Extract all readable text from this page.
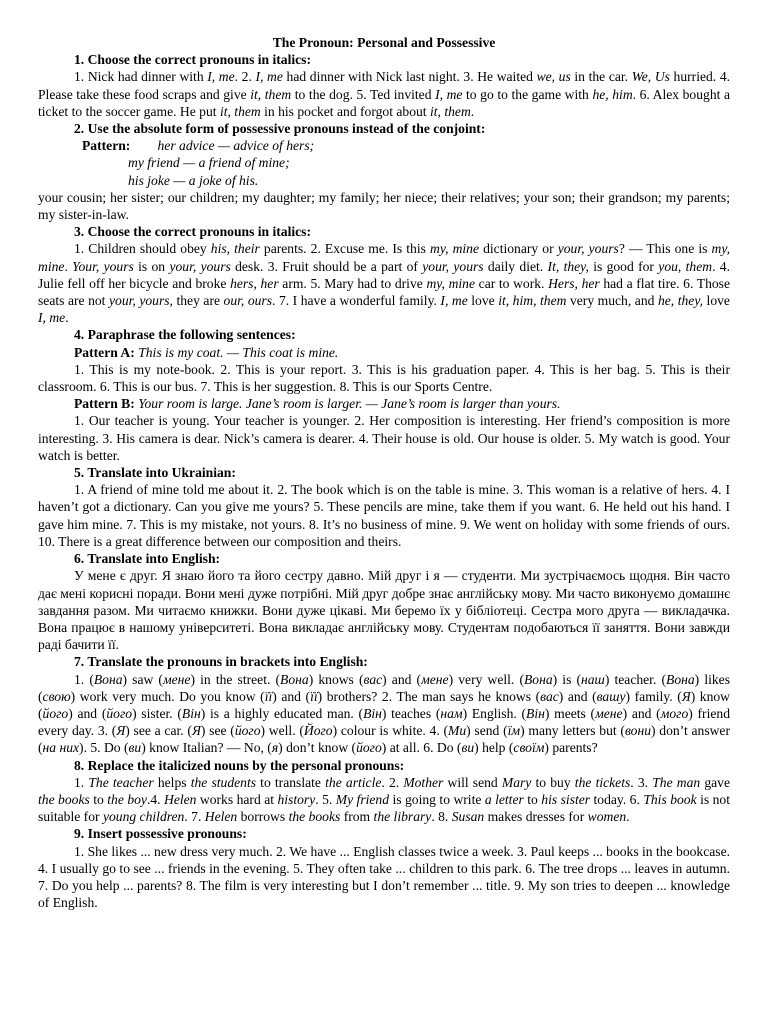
The Pronoun: Personal and Possessive
1. Choose the correct pronouns in italics:
1. Nick had dinner with I, me. 2. I, me had dinner with Nick last night. 3. He waited we, us in the car. We, Us hurried. 4. Please take these food scraps and give it, them to the dog. 5. Ted invited I, me to go to the game with he, him. 6. Alex bought a ticket to the soccer game. He put it, them in his pocket and forgot about it, them.
2. Use the absolute form of possessive pronouns instead of the conjoint:
Pattern: her advice — advice of hers;
my friend — a friend of mine;
his joke — a joke of his.
your cousin; her sister; our children; my daughter; my family; her niece; their relatives; your son; their grandson; my parents; my sister-in-law.
3. Choose the correct pronouns in italics:
1. Children should obey his, their parents. 2. Excuse me. Is this my, mine dictionary or your, yours? — This one is my, mine. Your, yours is on your, yours desk. 3. Fruit should be a part of your, yours daily diet. It, they, is good for you, them. 4. Julie fell off her bicycle and broke hers, her arm. 5. Mary had to drive my, mine car to work. Hers, her had a flat tire. 6. Those seats are not your, yours, they are our, ours. 7. I have a wonderful family. I, me love it, him, them very much, and he, they, love I, me.
4. Paraphrase the following sentences:
Pattern A: This is my coat. — This coat is mine.
1. This is my note-book. 2. This is your report. 3. This is his graduation paper. 4. This is her bag. 5. This is their classroom. 6. This is our bus. 7. This is her suggestion. 8. This is our Sports Centre.
Pattern B: Your room is large. Jane’s room is larger. — Jane’s room is larger than yours.
1. Our teacher is young. Your teacher is younger. 2. Her composition is interesting. Her friend’s composition is more interesting. 3. His camera is dear. Nick’s camera is dearer. 4. Their house is old. Our house is older. 5. My watch is good. Your watch is better.
5. Translate into Ukrainian:
1. A friend of mine told me about it. 2. The book which is on the table is mine. 3. This woman is a relative of hers. 4. I haven’t got a dictionary. Can you give me yours? 5. These pencils are mine, take them if you want. 6. He held out his hand. I gave him mine. 7. This is my mistake, not yours. 8. It’s no business of mine. 9. We went on holiday with some friends of ours. 10. There is a great difference between our composition and theirs.
6. Translate into English:
У мене є друг. Я знаю його та його сестру давно. Мій друг і я — студенти. Ми зустрічаємось щодня. Він часто дає мені корисні поради. Вони мені дуже потрібні. Мій друг добре знає англійську мову. Ми часто виконуємо домашнє завдання разом. Ми читаємо книжки. Вони дуже цікаві. Ми беремо їх у бібліотеці. Сестра мого друга — викладачка. Вона працює в нашому університеті. Вона викладає англійську мову. Студентам подобаються її заняття. Вони завжди раді бачити її.
7. Translate the pronouns in brackets into English:
1. (Вона) saw (мене) in the street. (Вона) knows (вас) and (мене) very well. (Вона) is (наш) teacher. (Вона) likes (свою) work very much. Do you know (її) and (її) brothers? 2. The man says he knows (вас) and (вашу) family. (Я) know (його) and (його) sister. (Він) is a highly educated man. (Він) teaches (нам) English. (Він) meets (мене) and (мого) friend every day. 3. (Я) see a car. (Я) see (його) well. (Його) colour is white. 4. (Ми) send (їм) many letters but (вони) don’t answer (на них). 5. Do (ви) know Italian? — No, (я) don’t know (його) at all. 6. Do (ви) help (своїм) parents?
8. Replace the italicized nouns by the personal pronouns:
1. The teacher helps the students to translate the article. 2. Mother will send Mary to buy the tickets. 3. The man gave the books to the boy.4. Helen works hard at history. 5. My friend is going to write a letter to his sister today. 6. This book is not suitable for young children. 7. Helen borrows the books from the library. 8. Susan makes dresses for women.
9. Insert possessive pronouns:
1. She likes ... new dress very much. 2. We have ... English classes twice a week. 3. Paul keeps ... books in the bookcase. 4. I usually go to see ... friends in the evening. 5. They often take ... children to this park. 6. The tree drops ... leaves in autumn. 7. Do you help ... parents? 8. The film is very interesting but I don’t remember ... title. 9. My son tries to deepen ... knowledge of English.
